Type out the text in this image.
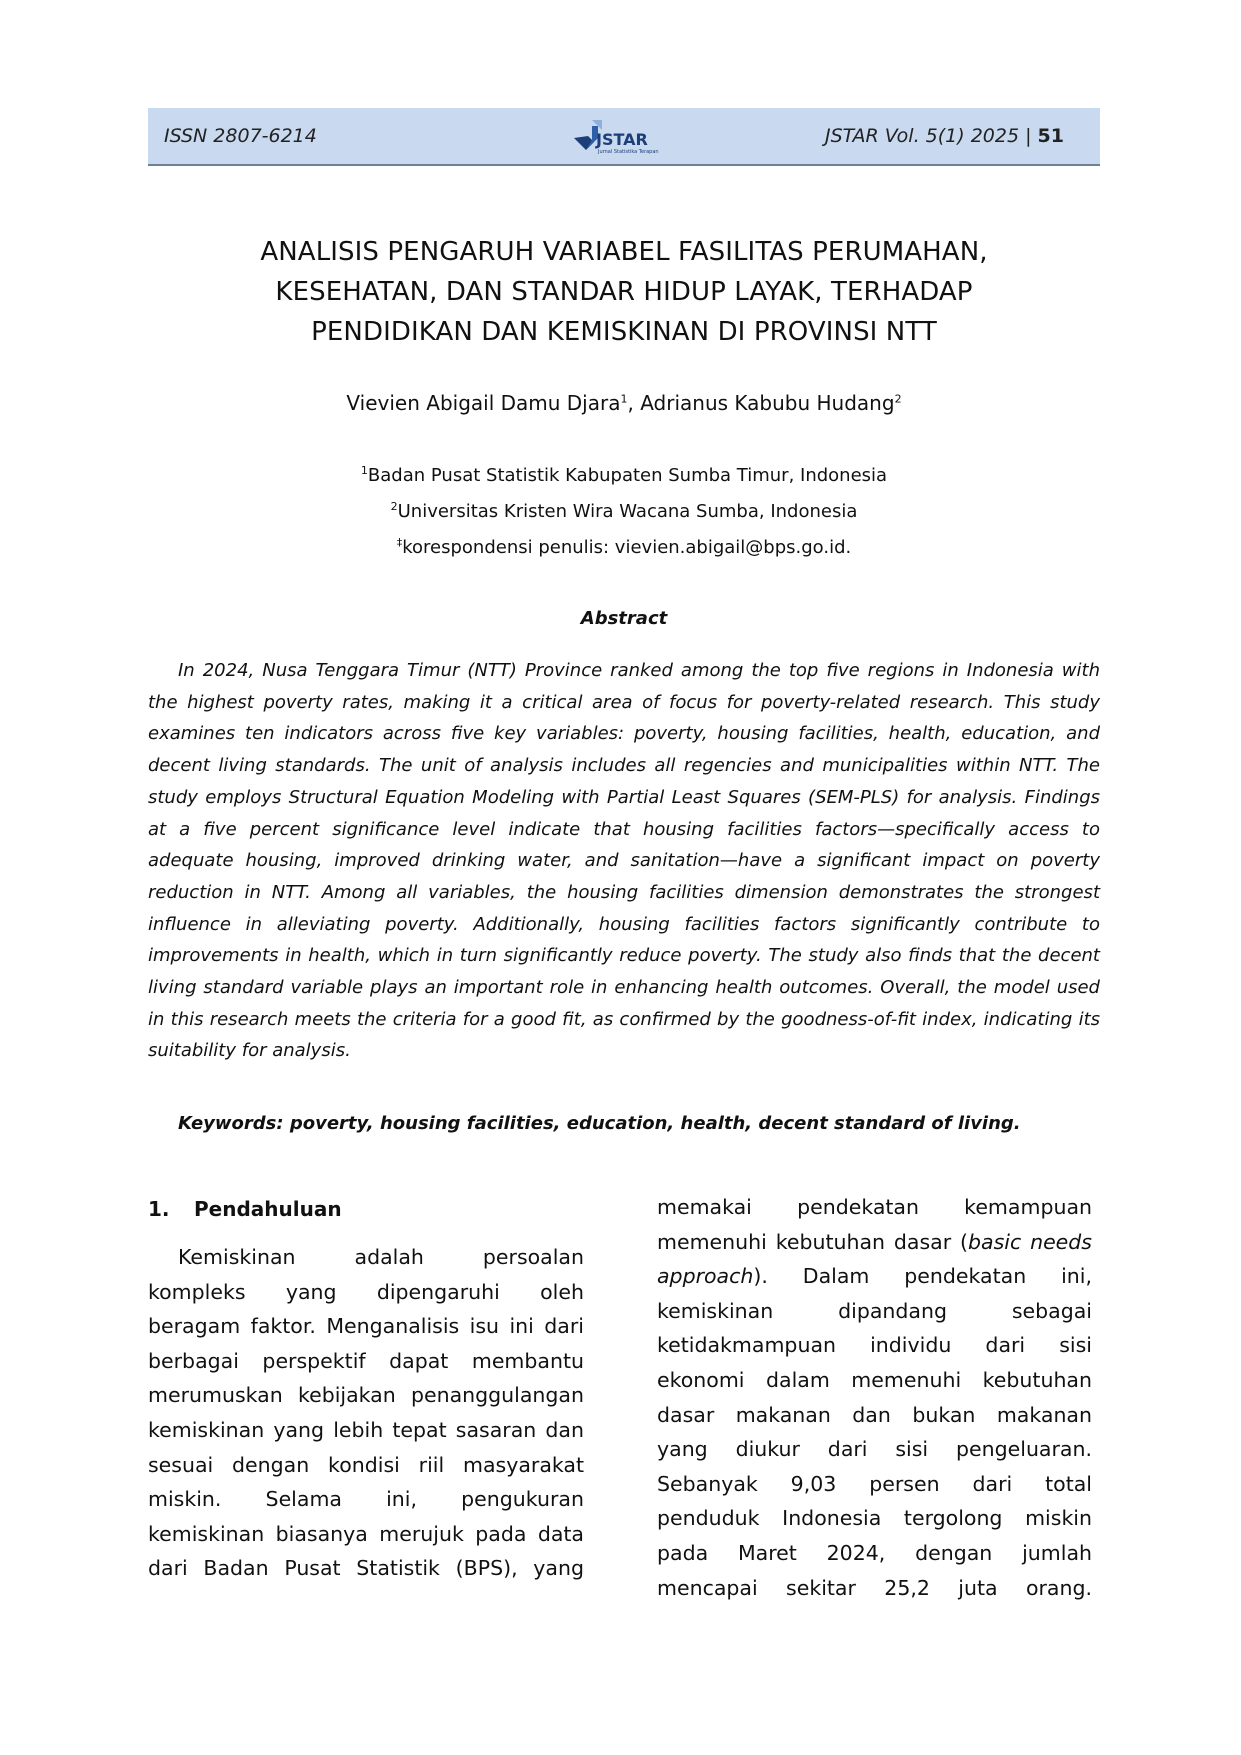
ISSN 2807-6214	JSTAR
Jurnal Statistika Terapan
JSTAR Vol. 5(1) 2025 | 51
ANALISIS PENGARUH VARIABEL FASILITAS PERUMAHAN,
KESEHATAN, DAN STANDAR HIDUP LAYAK, TERHADAP
PENDIDIKAN DAN KEMISKINAN DI PROVINSI NTT
Vievien Abigail Damu Djara$^1$, Adrianus Kabubu Hudang$^2$
$^1$Badan Pusat Statistik Kabupaten Sumba Timur, Indonesia
$^2$Universitas Kristen Wira Wacana Sumba, Indonesia
‡korespondensi penulis: vievien.abigail@bps.go.id.
Abstract

In 2024, Nusa Tenggara Timur (NTT) Province ranked among the top five regions in Indonesia with the highest poverty rates, making it a critical area of focus for poverty-related research. This study examines ten indicators across five key variables: poverty, housing facilities, health, education, and decent living standards. The unit of analysis includes all regencies and municipalities within NTT. The study employs Structural Equation Modeling with Partial Least Squares (SEM-PLS) for analysis. Findings at a five percent significance level indicate that housing facilities factors—specifically access to adequate housing, improved drinking water, and sanitation—have a significant impact on poverty reduction in NTT. Among all variables, the housing facilities dimension demonstrates the strongest influence in alleviating poverty. Additionally, housing facilities factors significantly contribute to improvements in health, which in turn significantly reduce poverty. The study also finds that the decent living standard variable plays an important role in enhancing health outcomes. Overall, the model used in this research meets the criteria for a good fit, as confirmed by the goodness-of-fit index, indicating its suitability for analysis.

Keywords: poverty, housing facilities, education, health, decent standard of living.
1. Pendahuluan
Kemiskinan adalah persoalan
kompleks yang dipengaruhi oleh
beragam faktor. Menganalisis isu ini dari
berbagai perspektif dapat membantu
merumuskan kebijakan penanggulangan
kemiskinan yang lebih tepat sasaran dan
sesuai dengan kondisi riil masyarakat
miskin. Selama ini, pengukuran
kemiskinan biasanya merujuk pada data
dari Badan Pusat Statistik (BPS), yang
memakai pendekatan kemampuan
memenuhi kebutuhan dasar (basic needs
approach). Dalam pendekatan ini,
kemiskinan dipandang sebagai
ketidakmampuan individu dari sisi
ekonomi dalam memenuhi kebutuhan
dasar makanan dan bukan makanan
yang diukur dari sisi pengeluaran.
Sebanyak 9,03 persen dari total
penduduk Indonesia tergolong miskin
pada Maret 2024, dengan jumlah
mencapai sekitar 25,2 juta orang.
